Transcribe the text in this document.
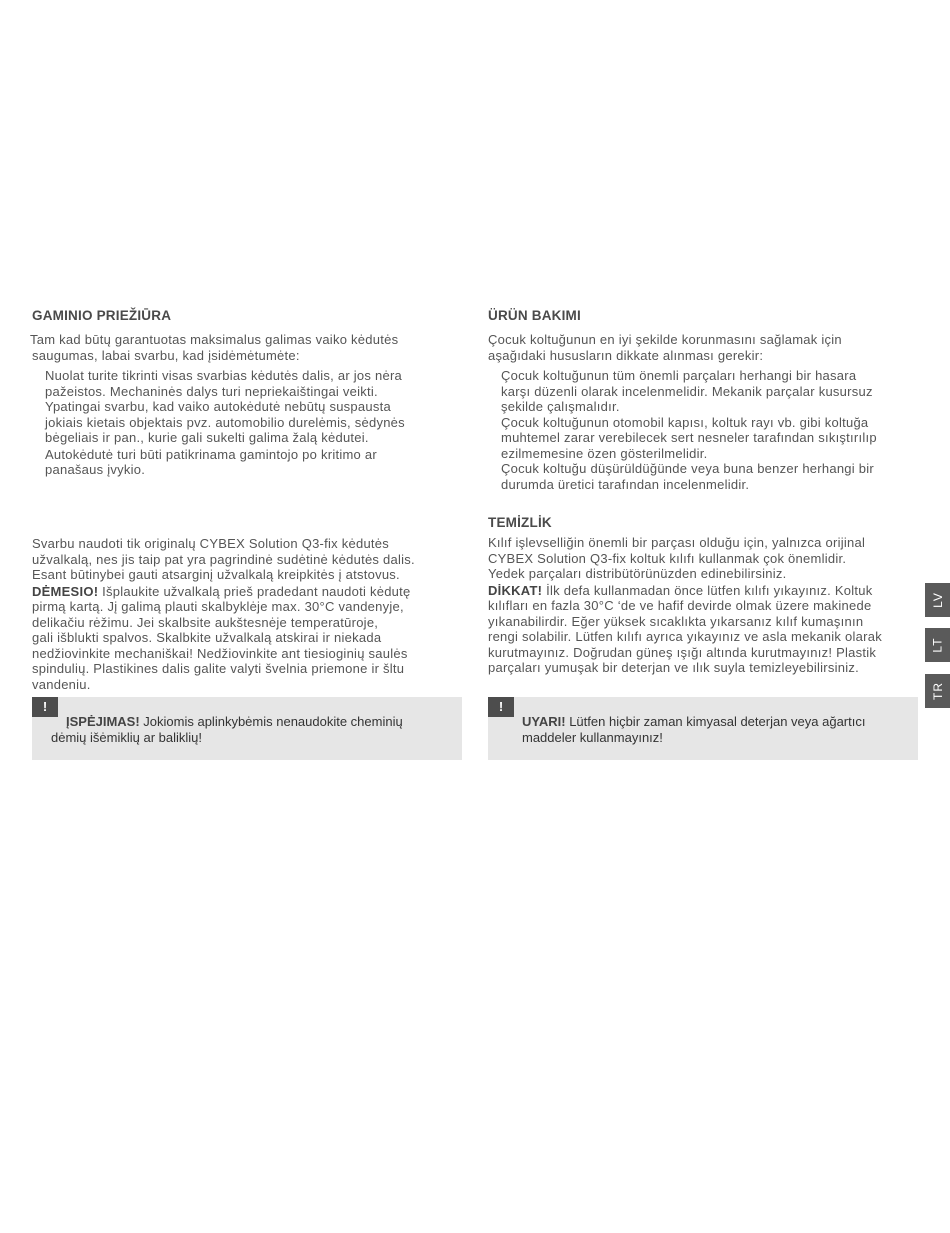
GAMINIO PRIEŽIŪRA

Tam kad būtų garantuotas maksimalus galimas vaiko kėdutės

saugumas, labai svarbu, kad įsidėmėtumėte:

Nuolat turite tikrinti visas svarbias kėdutės dalis, ar jos nėra

pažeistos. Mechaninės dalys turi nepriekaištingai veikti.

Ypatingai svarbu, kad vaiko autokėdutė nebūtų suspausta

jokiais kietais objektais pvz. automobilio durelėmis, sėdynės

bėgeliais ir pan., kurie gali sukelti galima žalą kėdutei.

Autokėdutė turi būti patikrinama gamintojo po kritimo ar

panašaus įvykio.

Svarbu naudoti tik originalų CYBEX Solution Q3-fix kėdutės

užvalkalą, nes jis taip pat yra pagrindinė sudėtinė kėdutės dalis.

Esant būtinybei gauti atsarginį užvalkalą kreipkitės į atstovus.

DĖMESIO! Išplaukite užvalkalą prieš pradedant naudoti kėdutę

pirmą kartą. Jį galimą plauti skalbyklėje max. 30°C vandenyje,

delikačiu rėžimu. Jei skalbsite aukštesnėje temperatūroje,

gali išblukti spalvos. Skalbkite užvalkalą atskirai ir niekada

nedžiovinkite mechaniškai! Nedžiovinkite ant tiesioginių saulės

spindulių. Plastikines dalis galite valyti švelnia priemone ir šltu

vandeniu.

!
ĮSPĖJIMAS! Jokiomis aplinkybėmis nenaudokite cheminių
dėmių išėmiklių ar baliklių!

ÜRÜN BAKIMI

Çocuk koltuğunun en iyi şekilde korunmasını sağlamak için

aşağıdaki hususların dikkate alınması gerekir:

Çocuk koltuğunun tüm önemli parçaları herhangi bir hasara

karşı düzenli olarak incelenmelidir. Mekanik parçalar kusursuz

şekilde çalışmalıdır.

Çocuk koltuğunun otomobil kapısı, koltuk rayı vb. gibi koltuğa

muhtemel zarar verebilecek sert nesneler tarafından sıkıştırılıp

ezilmemesine özen gösterilmelidir.

Çocuk koltuğu düşürüldüğünde veya buna benzer herhangi bir

durumda üretici tarafından incelenmelidir.

TEMİZLİK

Kılıf işlevselliğin önemli bir parçası olduğu için, yalnızca orijinal

CYBEX Solution Q3-fix koltuk kılıfı kullanmak çok önemlidir.

Yedek parçaları distribütörünüzden edinebilirsiniz.

DİKKAT! İlk defa kullanmadan önce lütfen kılıfı yıkayınız. Koltuk

kılıfları en fazla 30°C ‘de ve hafif devirde olmak üzere makinede

yıkanabilirdir. Eğer yüksek sıcaklıkta yıkarsanız kılıf kumaşının

rengi solabilir. Lütfen kılıfı ayrıca yıkayınız ve asla mekanik olarak

kurutmayınız. Doğrudan güneş ışığı altında kurutmayınız! Plastik

parçaları yumuşak bir deterjan ve ılık suyla temizleyebilirsiniz.

!
UYARI! Lütfen hiçbir zaman kimyasal deterjan veya ağartıcı
maddeler kullanmayınız!
LV
LT
TR
